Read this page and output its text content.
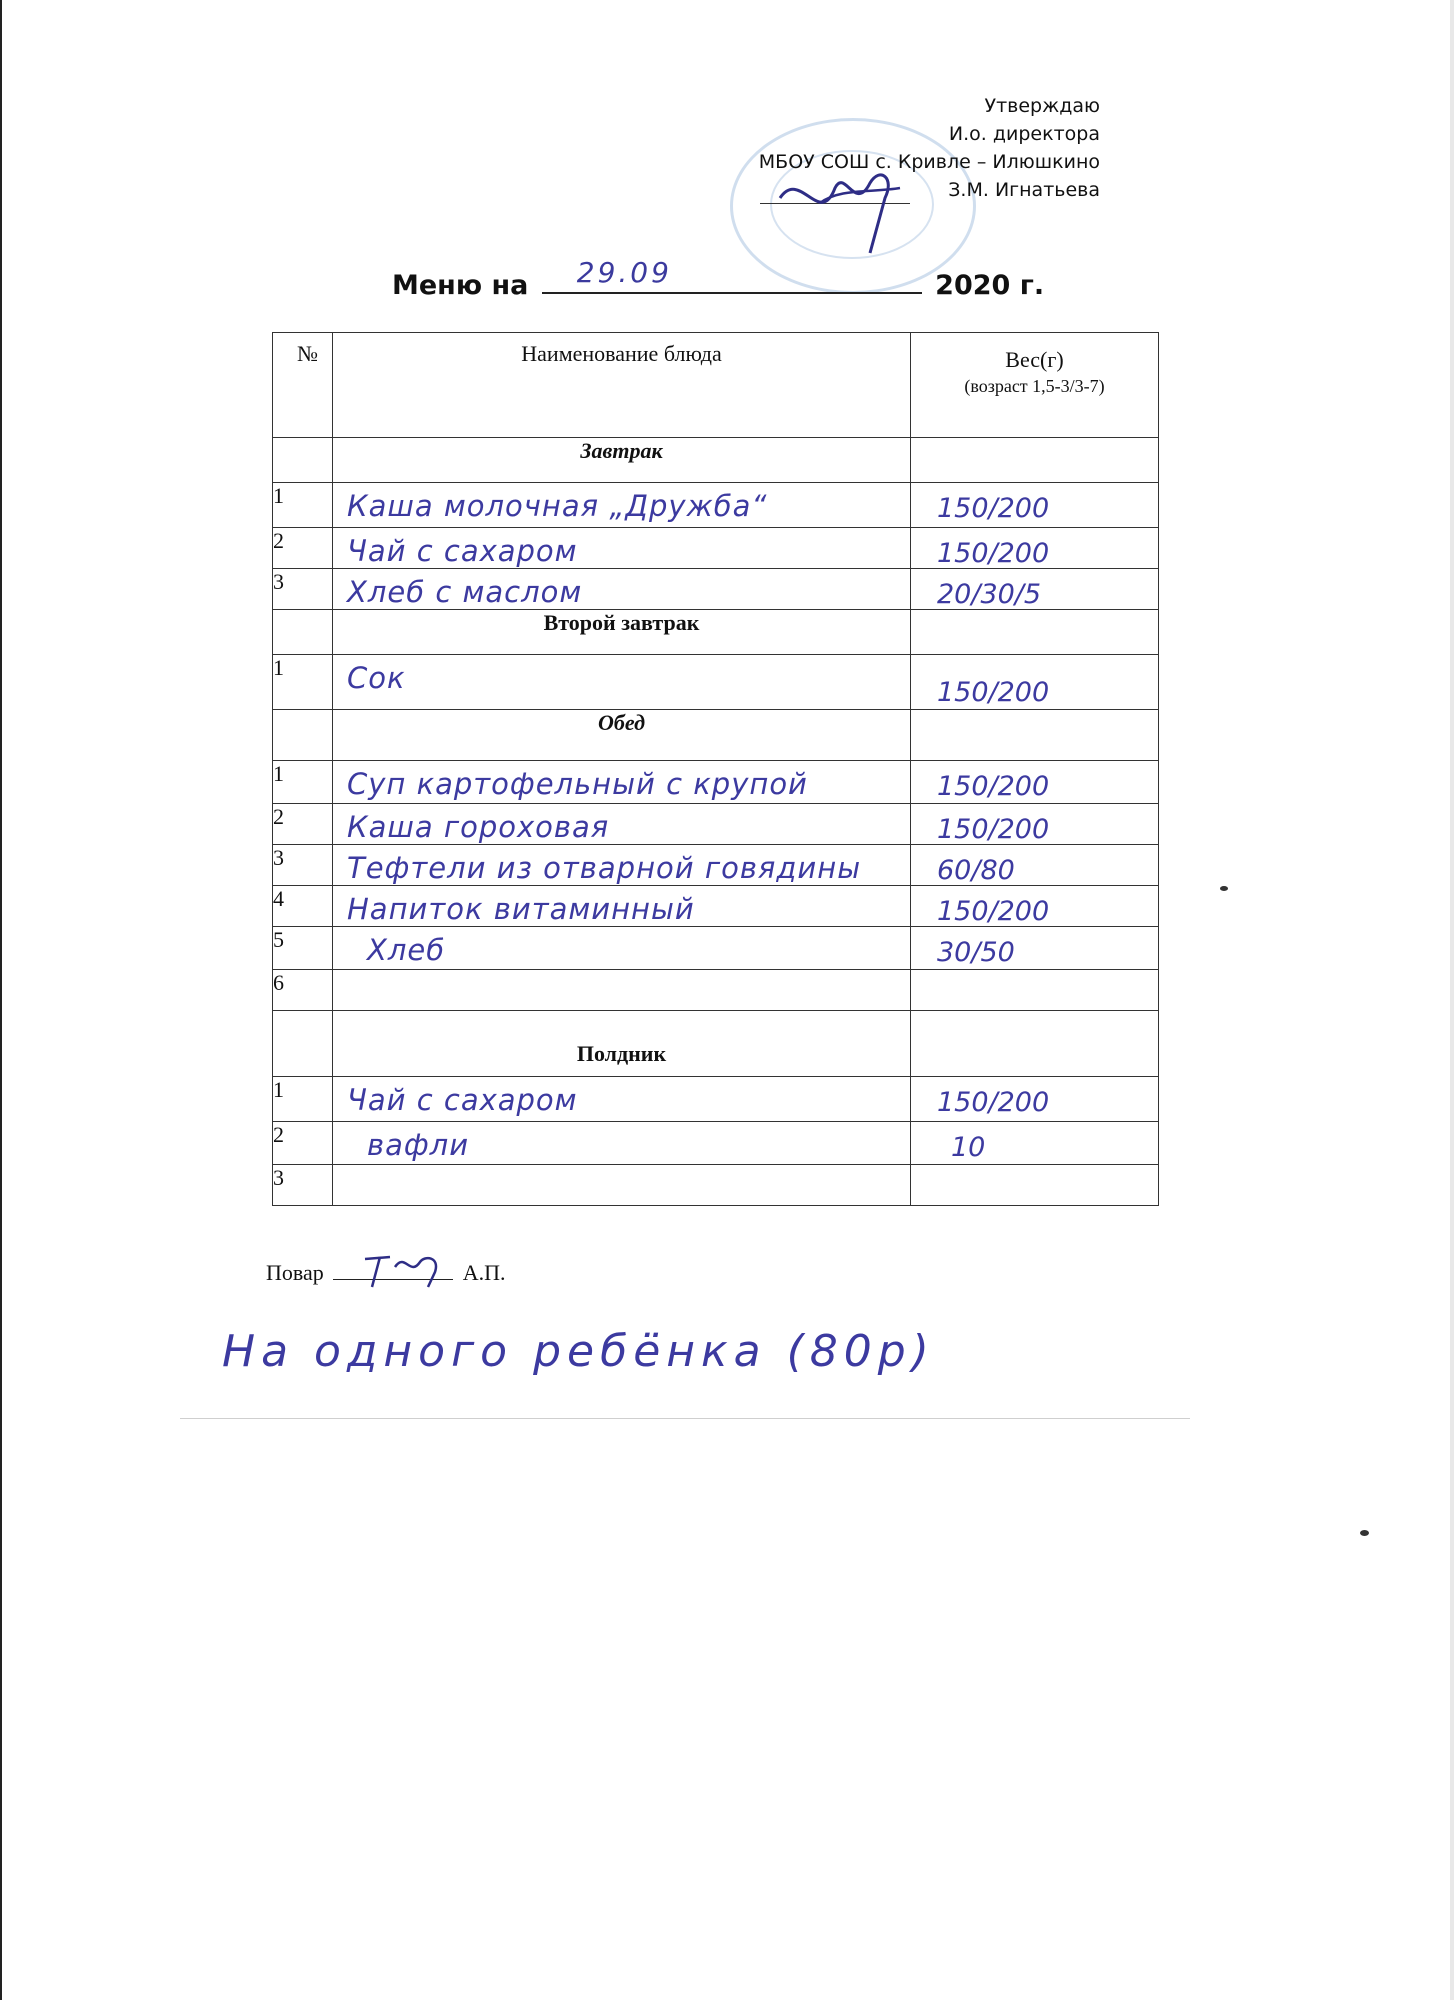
Утверждаю
И.о. директора
МБОУ СОШ с. Кривле – Илюшкино
З.М. Игнатьева
Меню на 29.09	2020 г.
№	Наименование блюда	Вес(г)
(возраст 1,5-3/3-7)

	Завтрак	
1	Каша молочная „Дружба“	150/200

2	Чай с сахаром	150/200

3	Хлеб с маслом	20/30/5

	Второй завтрак	
1	Сок	150/200

	Обед	
1	Суп картофельный с крупой	150/200

2	Каша гороховая	150/200

3	Тефтели из отварной говядины	60/80

4	Напиток витаминный	150/200

5	Хлеб	30/50

6	

	Полдник	
1	Чай с сахаром	150/200

2	вафли	10

3	

Повар	А.П.
На одного ребёнка (80р)
